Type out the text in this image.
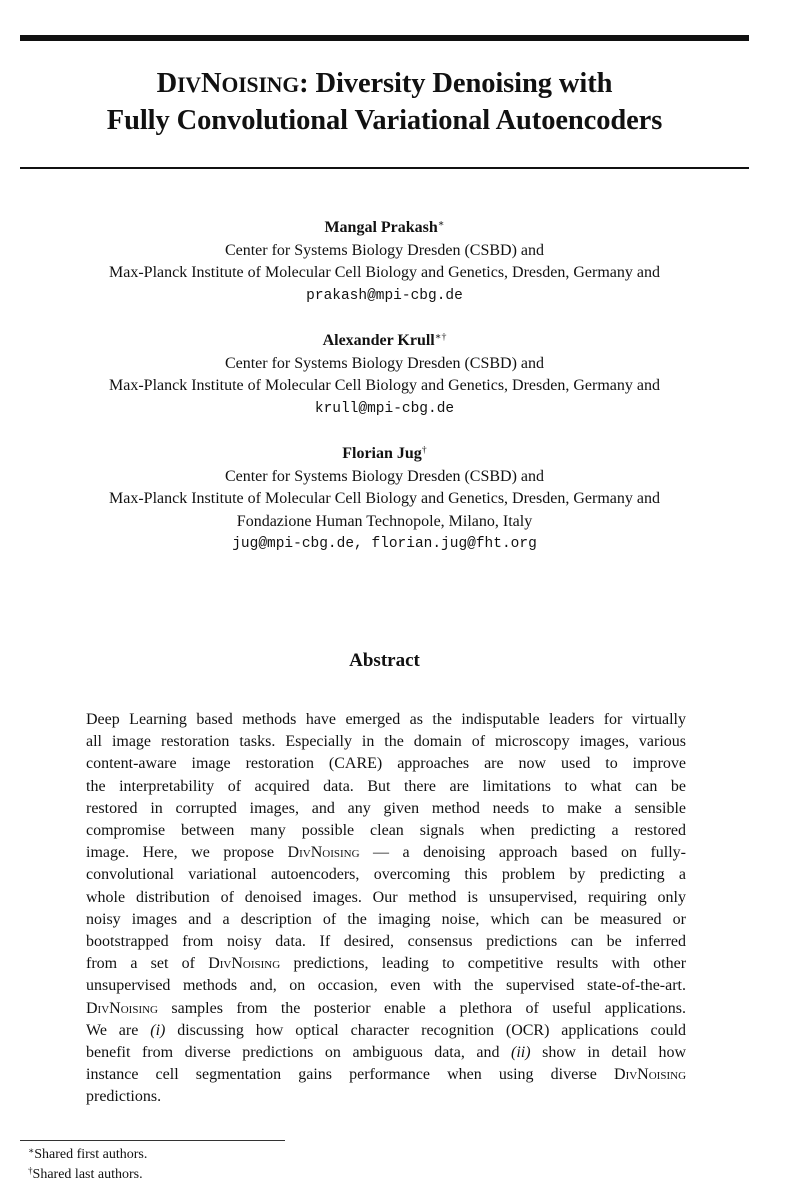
DIVNOISING: Diversity Denoising with
Fully Convolutional Variational Autoencoders
Mangal Prakash∗
Center for Systems Biology Dresden (CSBD) and
Max-Planck Institute of Molecular Cell Biology and Genetics, Dresden, Germany and
prakash@mpi-cbg.de
Alexander Krull∗†
Center for Systems Biology Dresden (CSBD) and
Max-Planck Institute of Molecular Cell Biology and Genetics, Dresden, Germany and
krull@mpi-cbg.de
Florian Jug†
Center for Systems Biology Dresden (CSBD) and
Max-Planck Institute of Molecular Cell Biology and Genetics, Dresden, Germany and
Fondazione Human Technopole, Milano, Italy
jug@mpi-cbg.de, florian.jug@fht.org
Abstract
Deep Learning based methods have emerged as the indisputable leaders for virtually
all image restoration tasks. Especially in the domain of microscopy images, various
content-aware image restoration (CARE) approaches are now used to improve
the interpretability of acquired data. But there are limitations to what can be
restored in corrupted images, and any given method needs to make a sensible
compromise between many possible clean signals when predicting a restored
image. Here, we propose DivNoising — a denoising approach based on fully-
convolutional variational autoencoders, overcoming this problem by predicting a
whole distribution of denoised images. Our method is unsupervised, requiring only
noisy images and a description of the imaging noise, which can be measured or
bootstrapped from noisy data. If desired, consensus predictions can be inferred
from a set of DivNoising predictions, leading to competitive results with other
unsupervised methods and, on occasion, even with the supervised state-of-the-art.
DivNoising samples from the posterior enable a plethora of useful applications.
We are (i) discussing how optical character recognition (OCR) applications could
benefit from diverse predictions on ambiguous data, and (ii) show in detail how
instance cell segmentation gains performance when using diverse DivNoising
predictions.
∗Shared first authors.
†Shared last authors.
